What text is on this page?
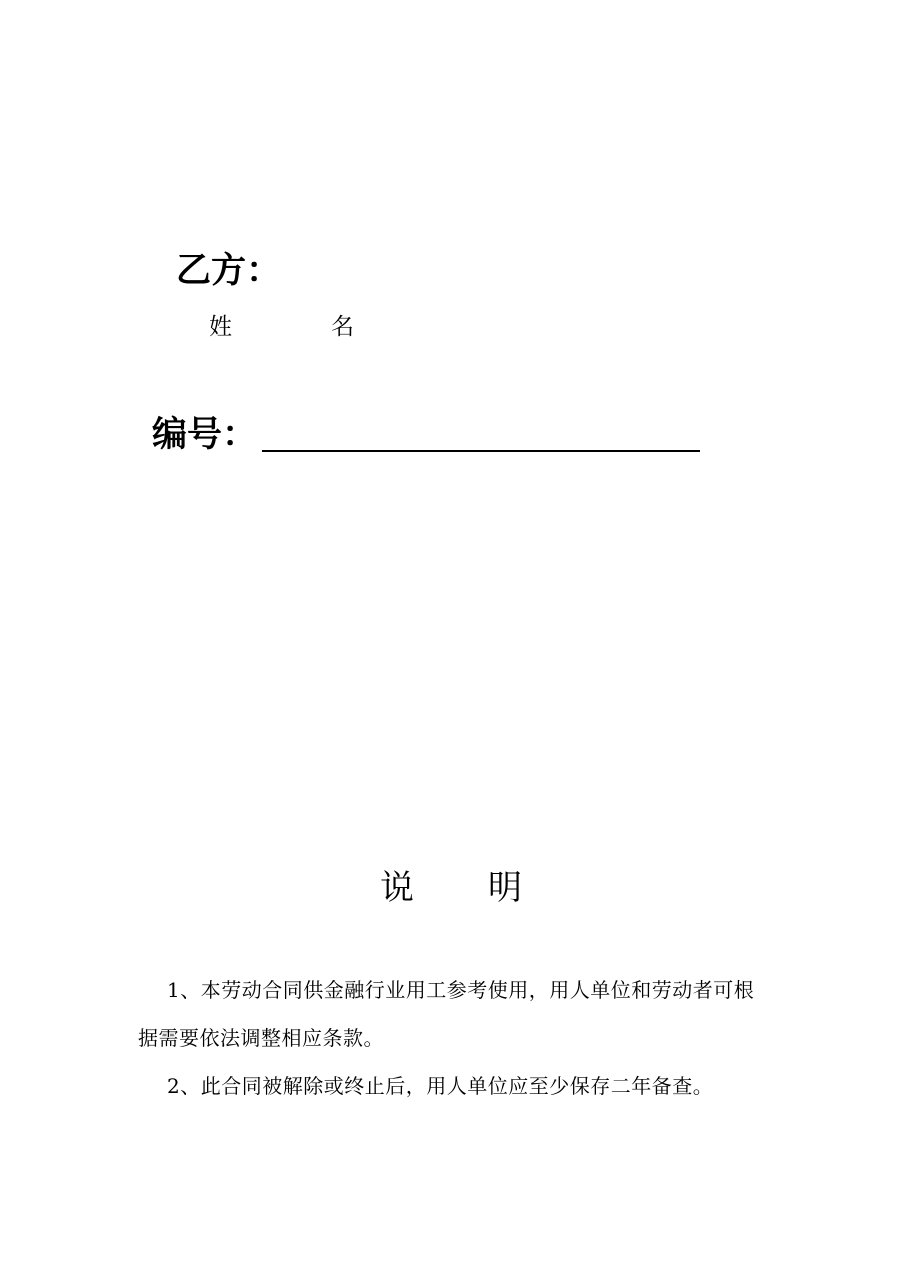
乙方：
姓	名
编号：
说 明
1、本劳动合同供金融行业用工参考使用，用人单位和劳动者可根
据需要依法调整相应条款。
2、此合同被解除或终止后，用人单位应至少保存二年备查。
